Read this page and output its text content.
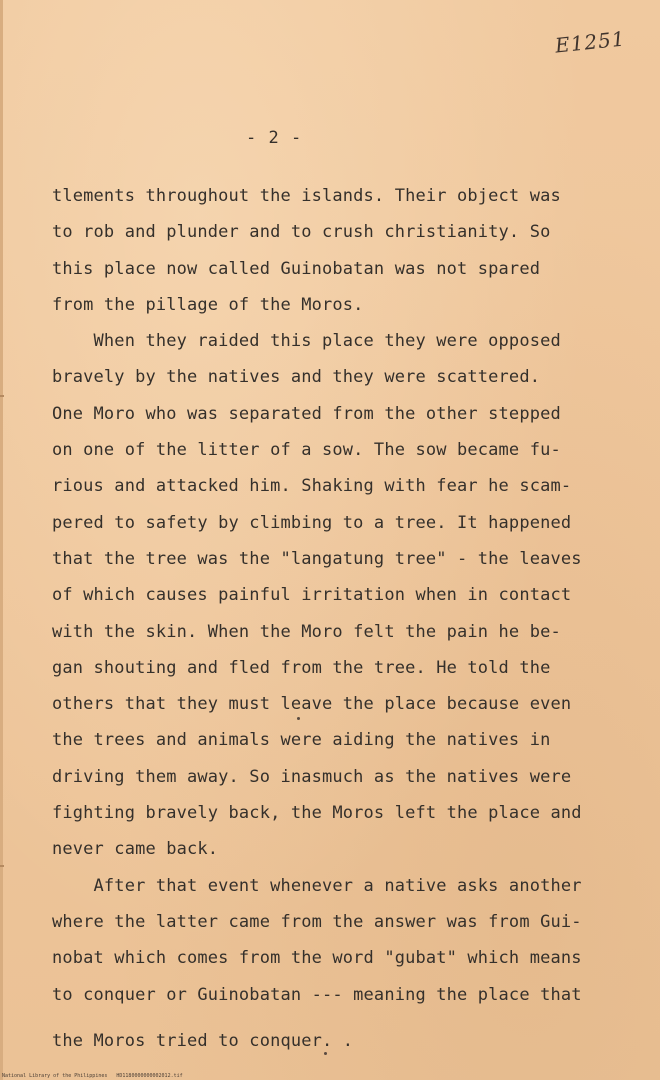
E1251
- 2 -
tlements throughout the islands. Their object was
to rob and plunder and to crush christianity. So
this place now called Guinobatan was not spared
from the pillage of the Moros.
When they raided this place they were opposed
bravely by the natives and they were scattered.
One Moro who was separated from the other stepped
on one of the litter of a sow. The sow became fu-
rious and attacked him. Shaking with fear he scam-
pered to safety by climbing to a tree. It happened
that the tree was the "langatung tree" - the leaves
of which causes painful irritation when in contact
with the skin. When the Moro felt the pain he be-
gan shouting and fled from the tree. He told the
others that they must leave the place because even
the trees and animals were aiding the natives in
driving them away. So inasmuch as the natives were
fighting bravely back, the Moros left the place and
never came back.
After that event whenever a native asks another
where the latter came from the answer was from Gui-
nobat which comes from the word "gubat" which means
to conquer or Guinobatan --- meaning the place that
the Moros tried to conquer. .
National Library of the Philippines   HD1180000000002012.tif
